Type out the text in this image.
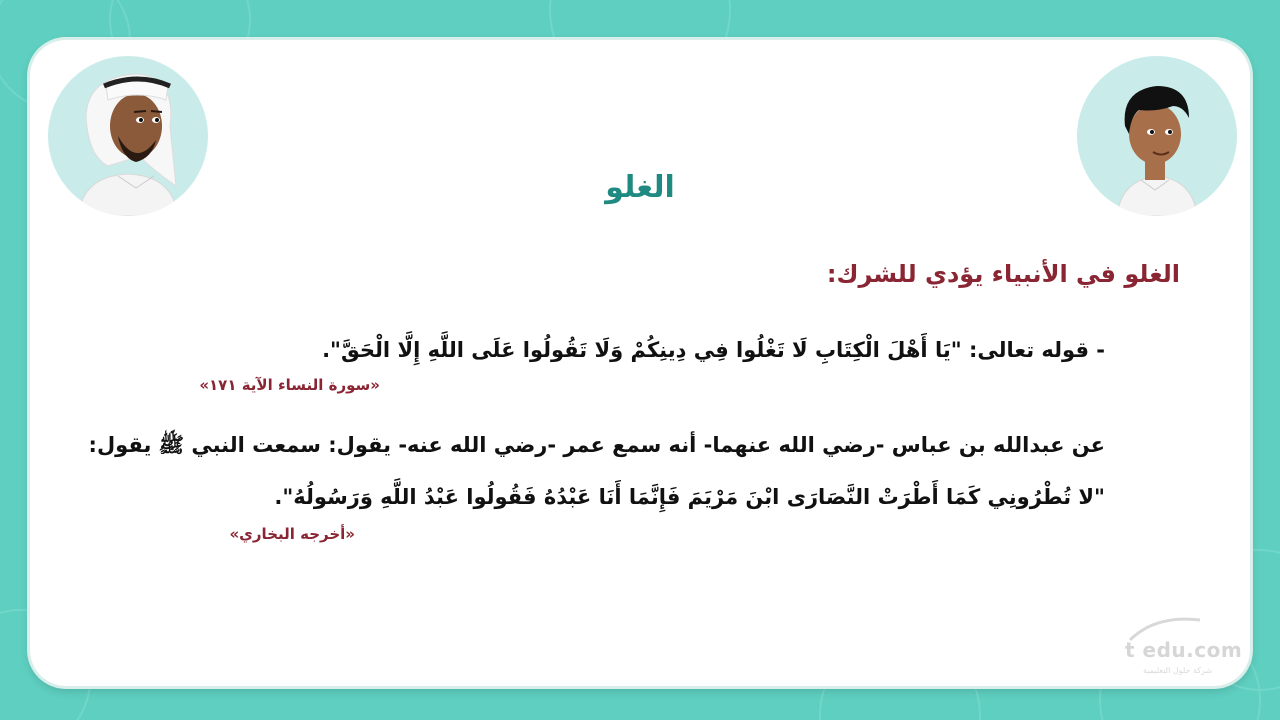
الغلو
الغلو في الأنبياء يؤدي للشرك:
- قوله تعالى: "يَا أَهْلَ الْكِتَابِ لَا تَغْلُوا فِي دِينِكُمْ وَلَا تَقُولُوا عَلَى اللَّهِ إِلَّا الْحَقَّ".
«سورة النساء الآية ١٧١»
عن عبدالله بن عباس -رضي الله عنهما- أنه سمع عمر -رضي الله عنه- يقول: سمعت النبي ﷺ يقول:
"لا تُطْرُونِي كَمَا أَطْرَتْ النَّصَارَى ابْنَ مَرْيَمَ فَإِنَّمَا أَنَا عَبْدُهُ فَقُولُوا عَبْدُ اللَّهِ وَرَسُولُهُ".
«أخرجه البخاري»
t edu.com
شركة حلول التعليمية
